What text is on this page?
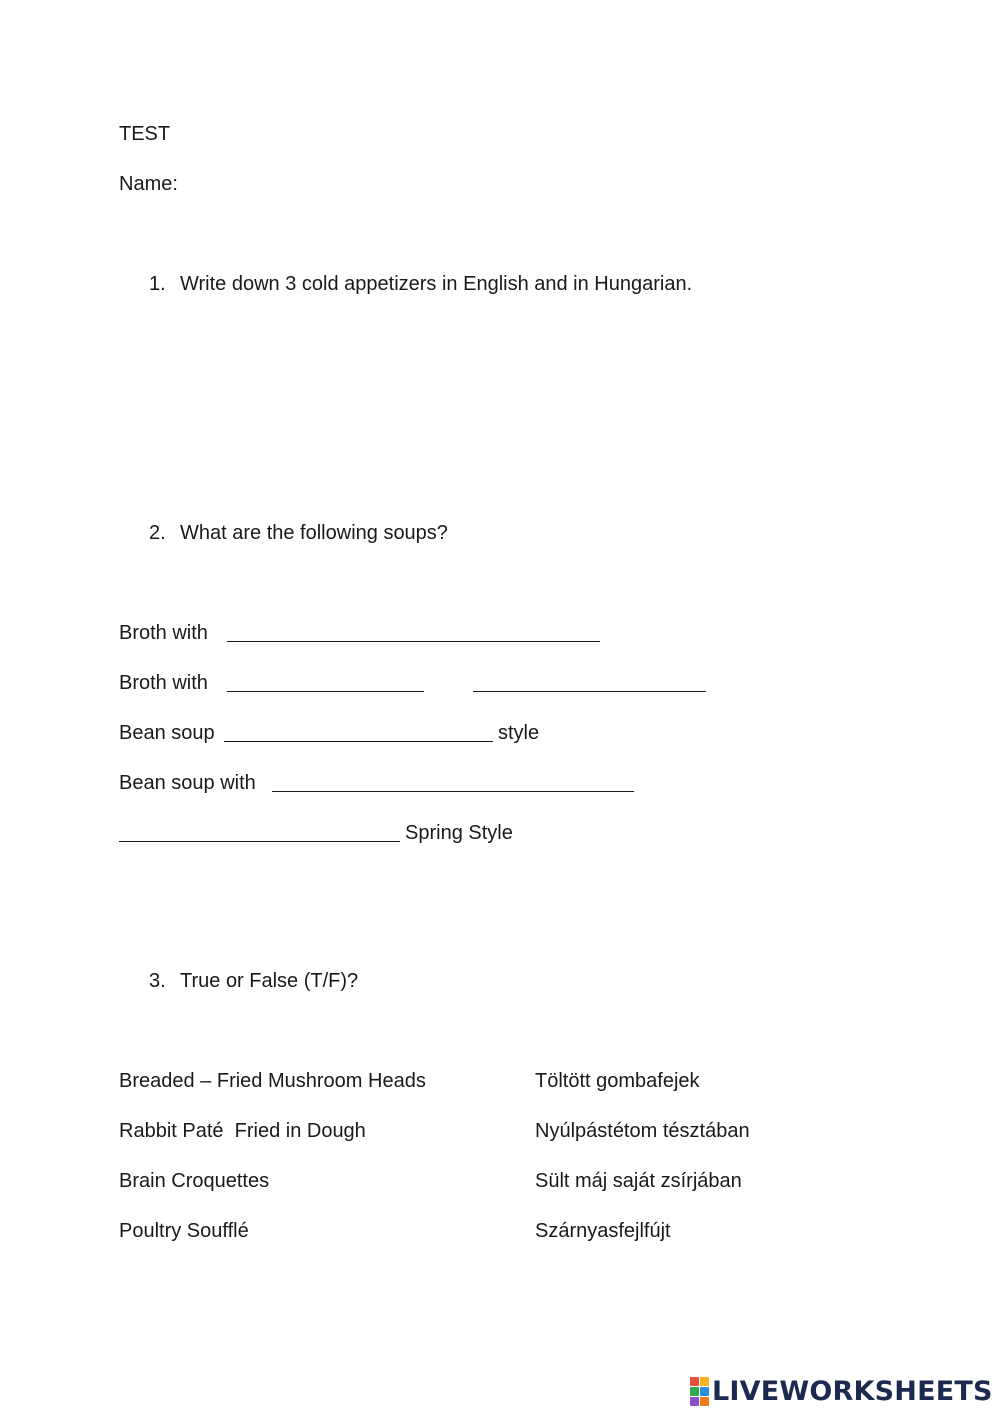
TEST
Name:
1. Write down 3 cold appetizers in English and in Hungarian.
2. What are the following soups?
Broth with
Broth with
Bean soup	style
Bean soup with
Spring Style
3. True or False (T/F)?
Breaded – Fried Mushroom Heads	Töltött gombafejek
Rabbit Paté  Fried in Dough	Nyúlpástétom tésztában
Brain Croquettes	Sült máj saját zsírjában
Poultry Soufflé	Szárnyasfejlfújt
LIVEWORKSHEETS
